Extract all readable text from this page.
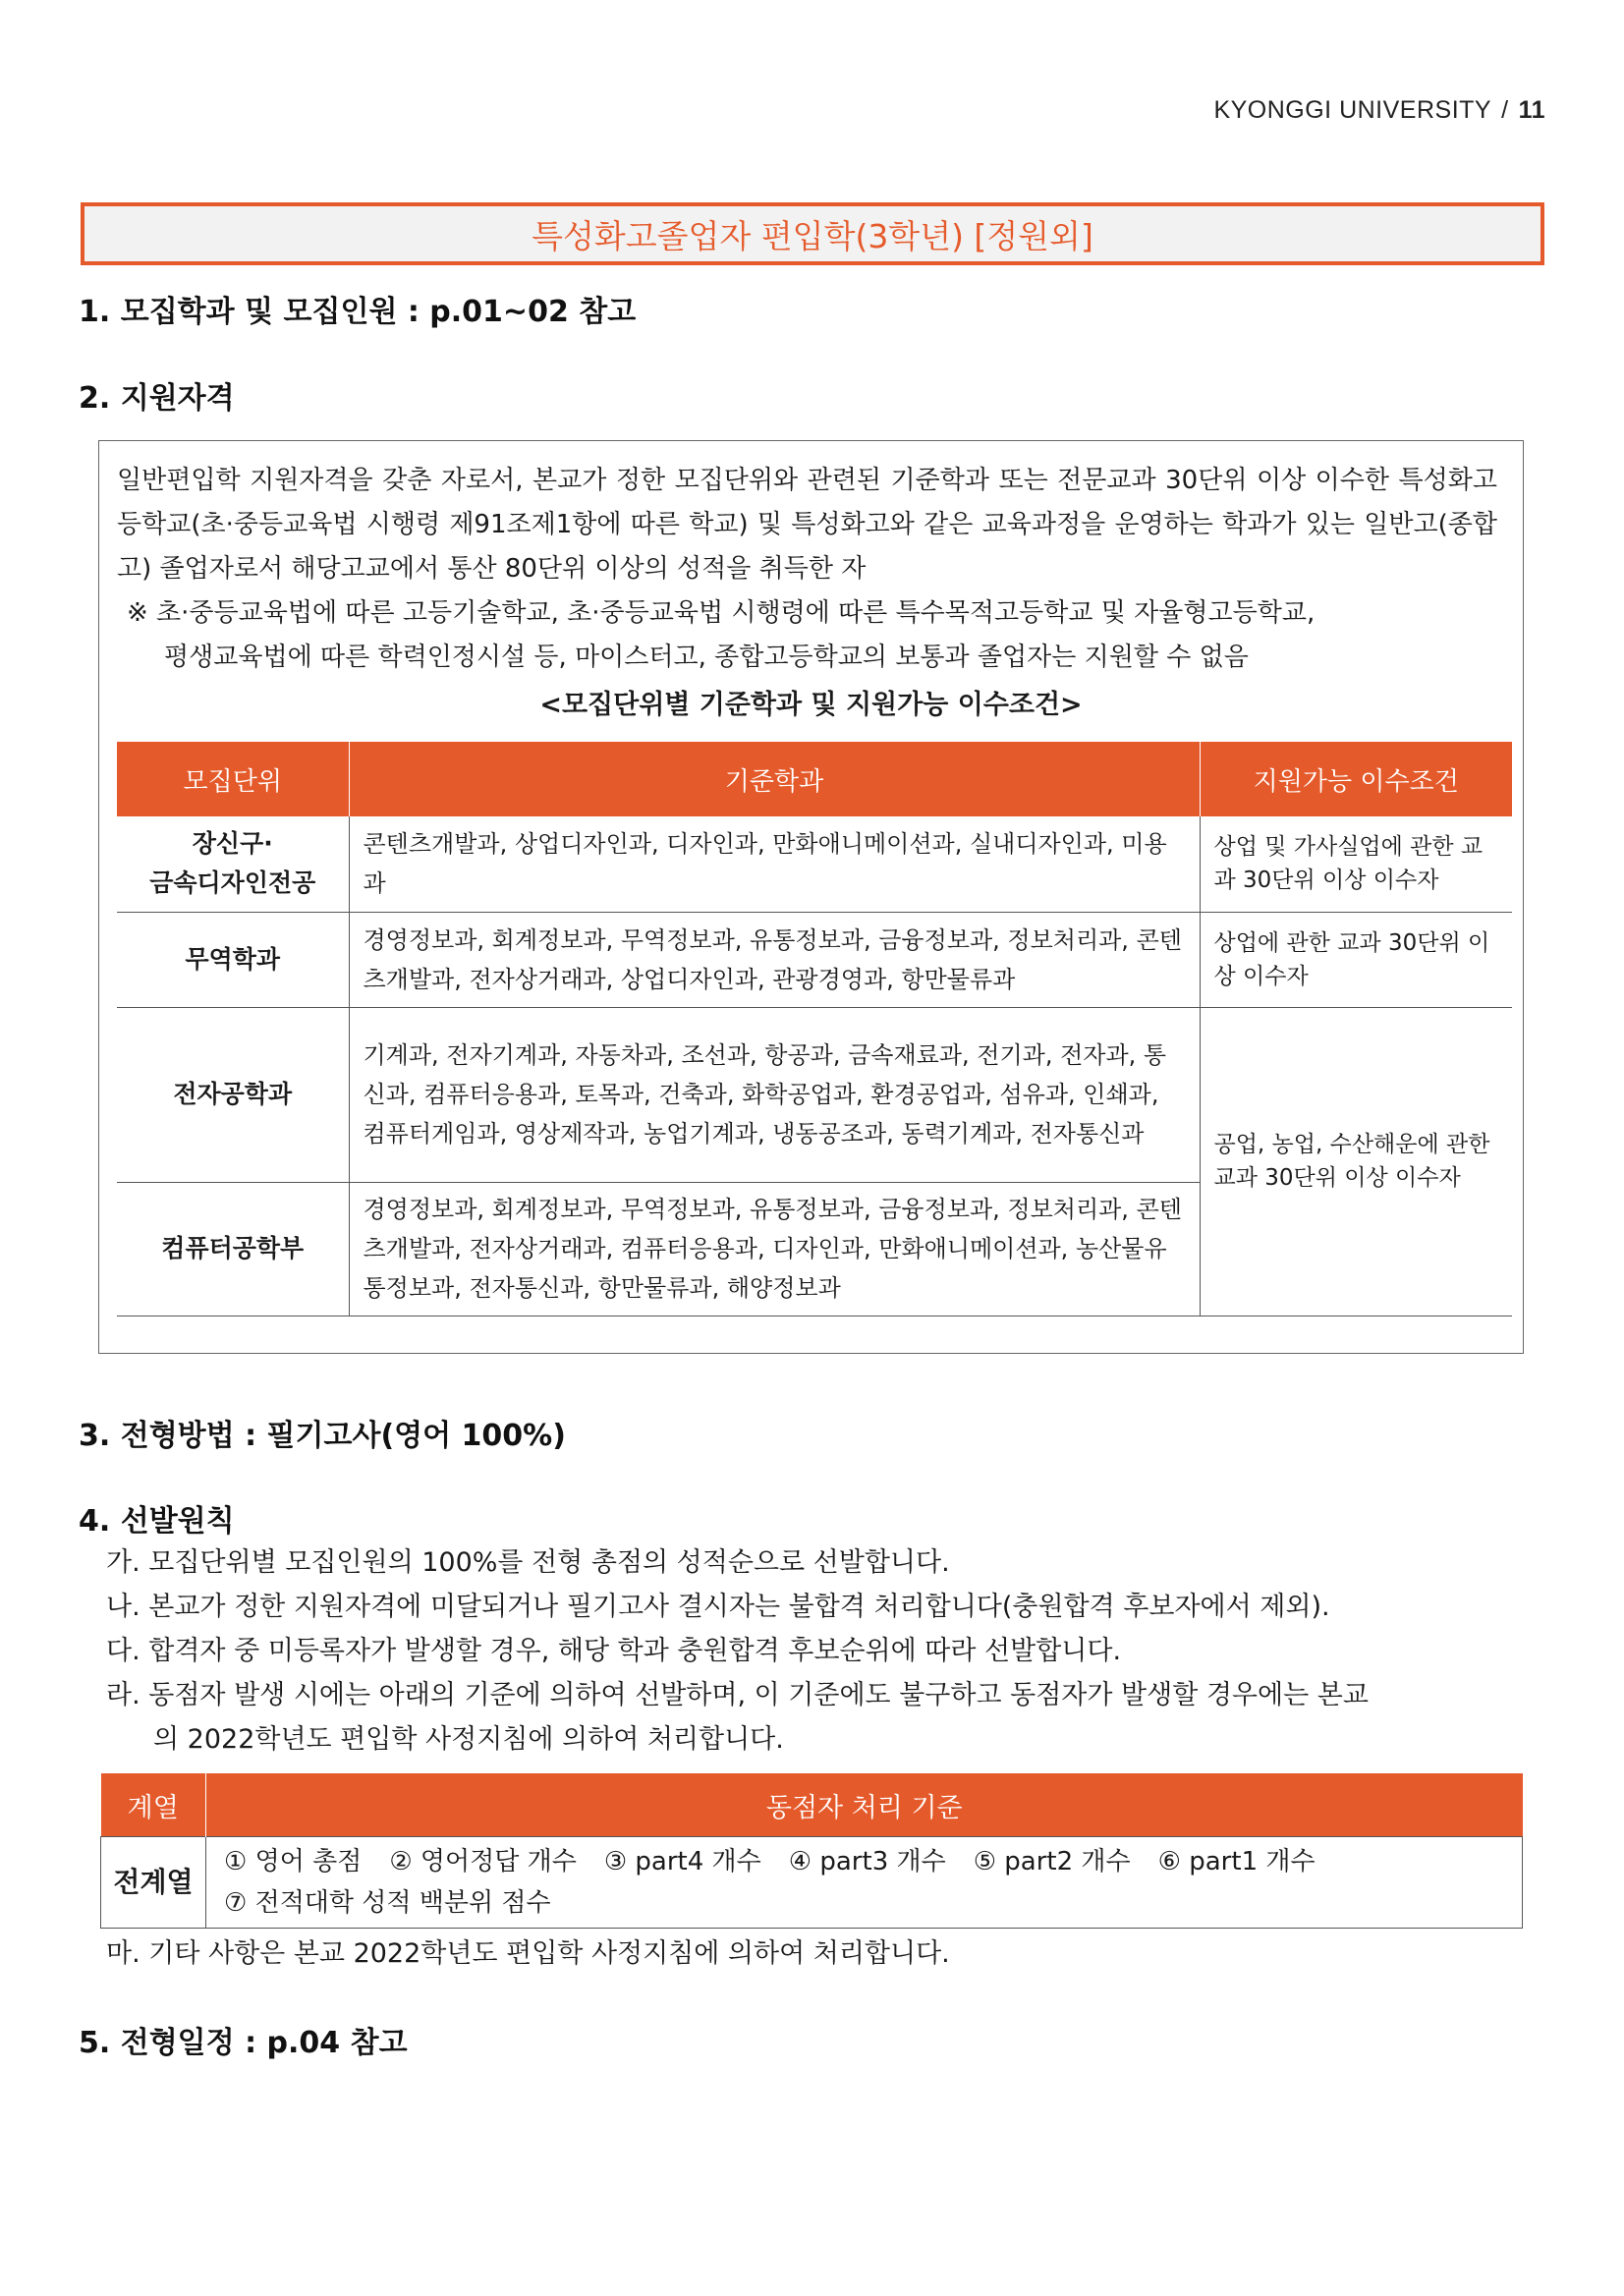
KYONGGI UNIVERSITY / 11
특성화고졸업자 편입학(3학년) [정원외]
1. 모집학과 및 모집인원 : p.01~02 참고
2. 지원자격
일반편입학 지원자격을 갖춘 자로서, 본교가 정한 모집단위와 관련된 기준학과 또는 전문교과 30단위 이상 이수한 특성화고등학교(초·중등교육법 시행령 제91조제1항에 따른 학교) 및 특성화고와 같은 교육과정을 운영하는 학과가 있는 일반고(종합고) 졸업자로서 해당고교에서 통산 80단위 이상의 성적을 취득한 자
※ 초·중등교육법에 따른 고등기술학교, 초·중등교육법 시행령에 따른 특수목적고등학교 및 자율형고등학교,
평생교육법에 따른 학력인정시설 등, 마이스터고, 종합고등학교의 보통과 졸업자는 지원할 수 없음
<모집단위별 기준학과 및 지원가능 이수조건>
모집단위	기준학과	지원가능 이수조건
장신구·
금속디자인전공	콘텐츠개발과, 상업디자인과, 디자인과, 만화애니메이션과, 실내디자인과, 미용과	상업 및 가사실업에 관한 교과 30단위 이상 이수자
무역학과	경영정보과, 회계정보과, 무역정보과, 유통정보과, 금융정보과, 정보처리과, 콘텐츠개발과, 전자상거래과, 상업디자인과, 관광경영과, 항만물류과	상업에 관한 교과 30단위 이상 이수자
전자공학과	기계과, 전자기계과, 자동차과, 조선과, 항공과, 금속재료과, 전기과, 전자과, 통신과, 컴퓨터응용과, 토목과, 건축과, 화학공업과, 환경공업과, 섬유과, 인쇄과, 컴퓨터게임과, 영상제작과, 농업기계과, 냉동공조과, 동력기계과, 전자통신과	공업, 농업, 수산해운에 관한 교과 30단위 이상 이수자
컴퓨터공학부	경영정보과, 회계정보과, 무역정보과, 유통정보과, 금융정보과, 정보처리과, 콘텐츠개발과, 전자상거래과, 컴퓨터응용과, 디자인과, 만화애니메이션과, 농산물유통정보과, 전자통신과, 항만물류과, 해양정보과	
3. 전형방법 : 필기고사(영어 100%)
4. 선발원칙
가. 모집단위별 모집인원의 100%를 전형 총점의 성적순으로 선발합니다.
나. 본교가 정한 지원자격에 미달되거나 필기고사 결시자는 불합격 처리합니다(충원합격 후보자에서 제외).
다. 합격자 중 미등록자가 발생할 경우, 해당 학과 충원합격 후보순위에 따라 선발합니다.
라. 동점자 발생 시에는 아래의 기준에 의하여 선발하며, 이 기준에도 불구하고 동점자가 발생할 경우에는 본교
의 2022학년도 편입학 사정지침에 의하여 처리합니다.
계열	동점자 처리 기준
전계열	① 영어 총점 ② 영어정답 개수 ③ part4 개수 ④ part3 개수 ⑤ part2 개수 ⑥ part1 개수
⑦ 전적대학 성적 백분위 점수
마. 기타 사항은 본교 2022학년도 편입학 사정지침에 의하여 처리합니다.
5. 전형일정 : p.04 참고
